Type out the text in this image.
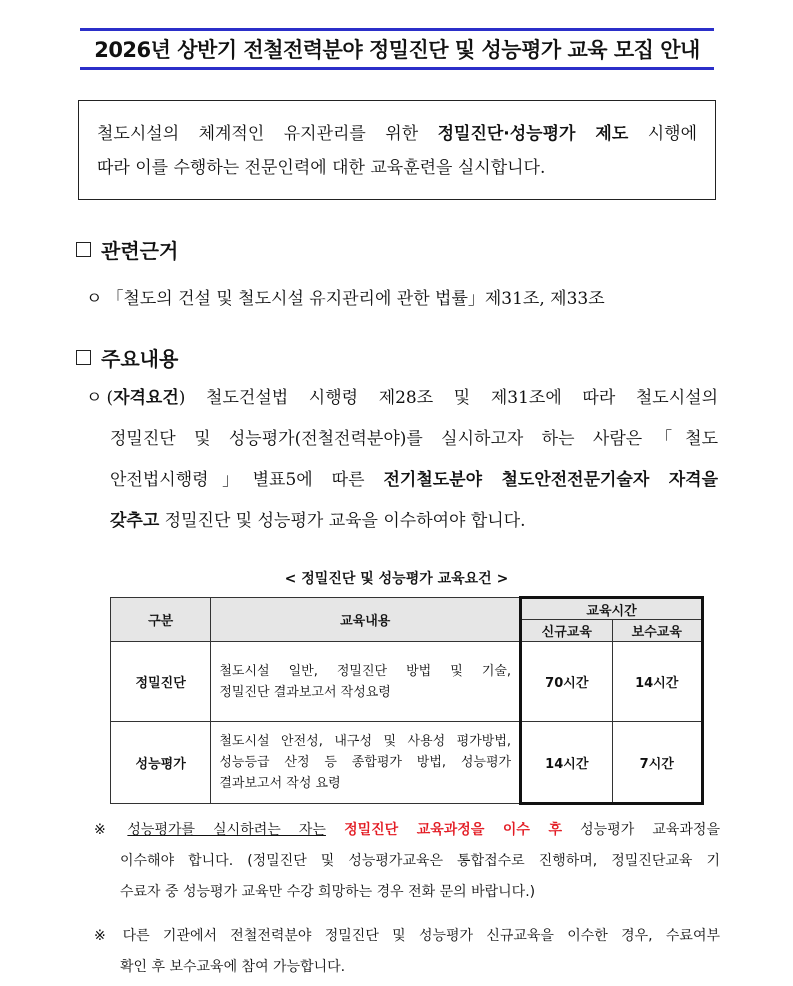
2026년 상반기 전철전력분야 정밀진단 및 성능평가 교육 모집 안내
철도시설의 체계적인 유지관리를 위한 정밀진단·성능평가 제도 시행에
따라 이를 수행하는 전문인력에 대한 교육훈련을 실시합니다.
관련근거
ㅇ 「철도의 건설 및 철도시설 유지관리에 관한 법률」제31조, 제33조
주요내용
ㅇ (자격요건) 철도건설법 시행령 제28조 및 제31조에 따라 철도시설의
정밀진단 및 성능평가(전철전력분야)를 실시하고자 하는 사람은「철도
안전법시행령」별표5에 따른 전기철도분야 철도안전전문기술자 자격을
갖추고 정밀진단 및 성능평가 교육을 이수하여야 합니다.
< 정밀진단 및 성능평가 교육요건 >
구분	교육내용	교육시간	
		신규교육	보수교육
정밀진단	철도시설 일반, 정밀진단 방법 및 기술,
정밀진단 결과보고서 작성요령	70시간	14시간
성능평가	철도시설 안전성, 내구성 및 사용성 평가방법,
성능등급 산정 등 종합평가 방법, 성능평가
결과보고서 작성 요령	14시간	7시간
※ 성능평가를 실시하려는 자는 정밀진단 교육과정을 이수 후 성능평가 교육과정을
이수해야 합니다. (정밀진단 및 성능평가교육은 통합접수로 진행하며, 정밀진단교육 기
수료자 중 성능평가 교육만 수강 희망하는 경우 전화 문의 바랍니다.)
※ 다른 기관에서 전철전력분야 정밀진단 및 성능평가 신규교육을 이수한 경우, 수료여부
확인 후 보수교육에 참여 가능합니다.
